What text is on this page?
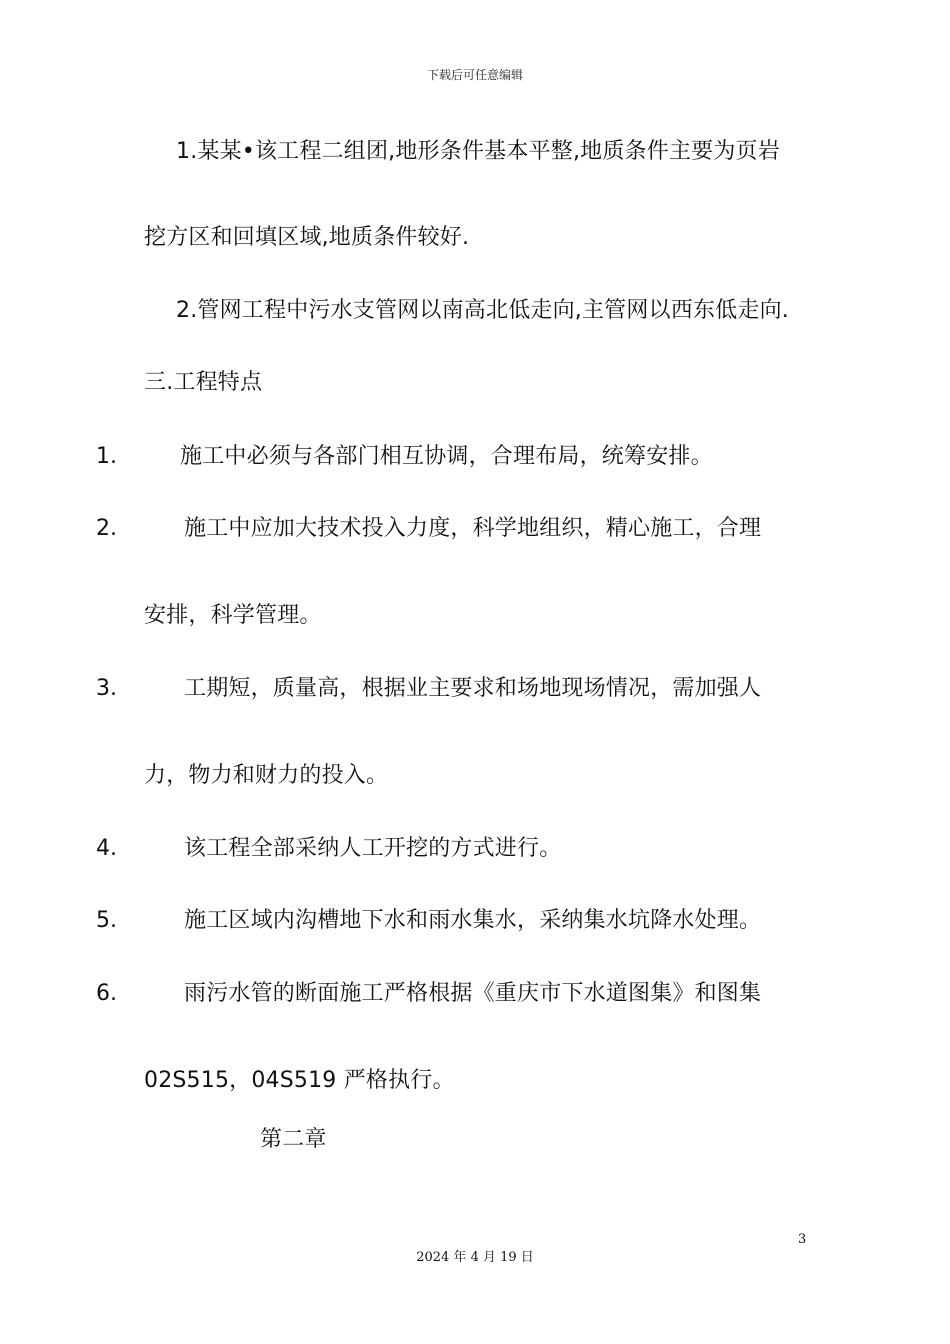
下载后可任意编辑
1.某某•该工程二组团,地形条件基本平整,地质条件主要为页岩
挖方区和回填区域,地质条件较好.
2.管网工程中污水支管网以南高北低走向,主管网以西东低走向.
三.工程特点
1.	施工中必须与各部门相互协调，合理布局，统筹安排。
2.	施工中应加大技术投入力度，科学地组织，精心施工，合理
安排，科学管理。
3.	工期短，质量高，根据业主要求和场地现场情况，需加强人
力，物力和财力的投入。
4.	该工程全部采纳人工开挖的方式进行。
5.	施工区域内沟槽地下水和雨水集水，采纳集水坑降水处理。
6.	雨污水管的断面施工严格根据《重庆市下水道图集》和图集
02S515，04S519 严格执行。
第二章
3
2024 年 4 月 19 日
